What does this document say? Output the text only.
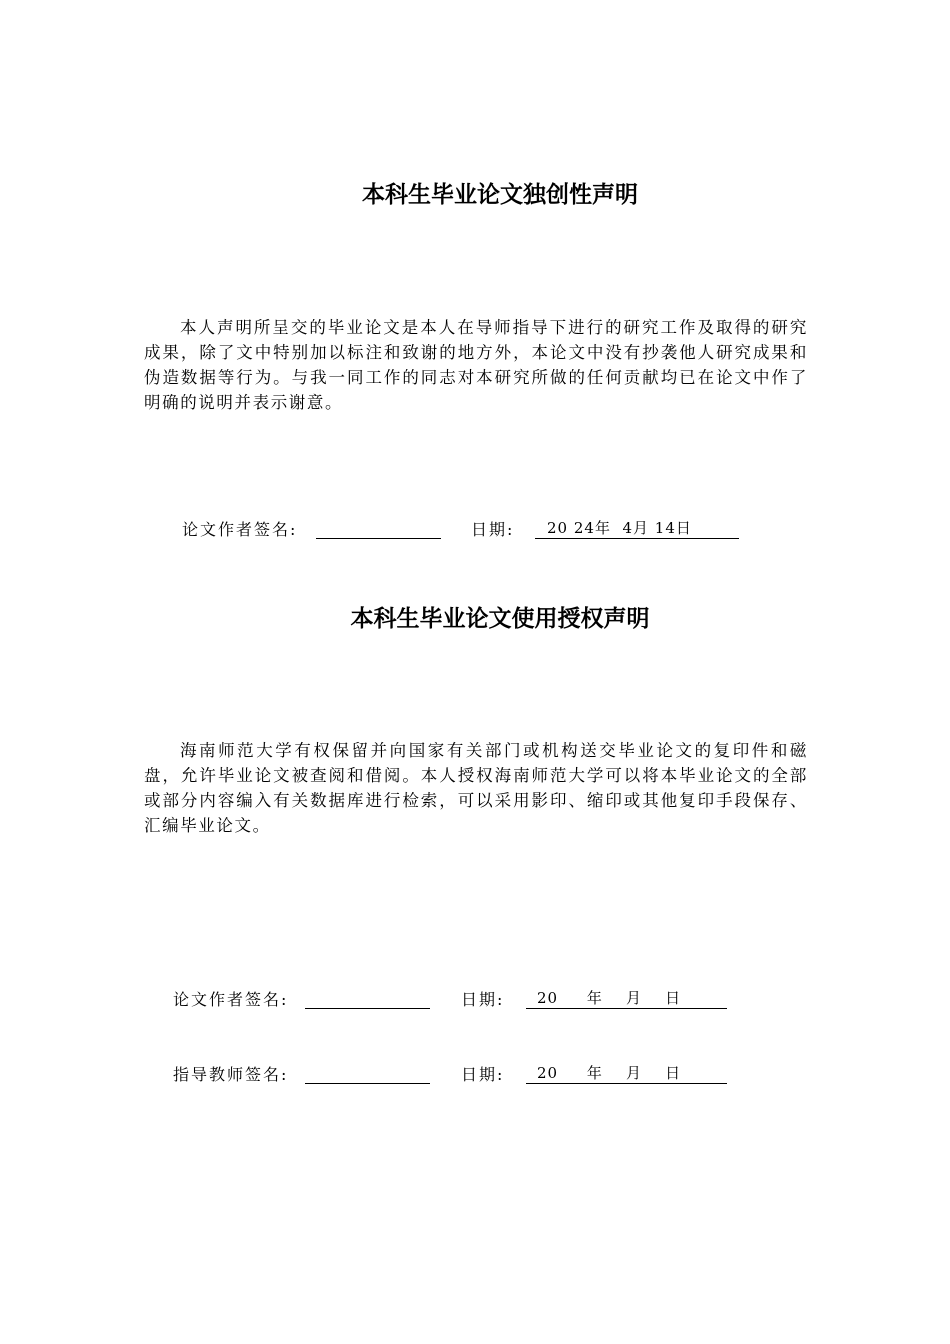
本科生毕业论文独创性声明
本人声明所呈交的毕业论文是本人在导师指导下进行的研究工作及取得的研究成果，除了文中特别加以标注和致谢的地方外，本论文中没有抄袭他人研究成果和伪造数据等行为。与我一同工作的同志对本研究所做的任何贡献均已在论文中作了明确的说明并表示谢意。
论文作者签名:	日期: 20 24年  4月 14日
本科生毕业论文使用授权声明
海南师范大学有权保留并向国家有关部门或机构送交毕业论文的复印件和磁盘，允许毕业论文被查阅和借阅。本人授权海南师范大学可以将本毕业论文的全部或部分内容编入有关数据库进行检索，可以采用影印、缩印或其他复印手段保存、汇编毕业论文。
论文作者签名:	日期: 20     年    月    日
指导教师签名:	日期: 20     年    月    日
